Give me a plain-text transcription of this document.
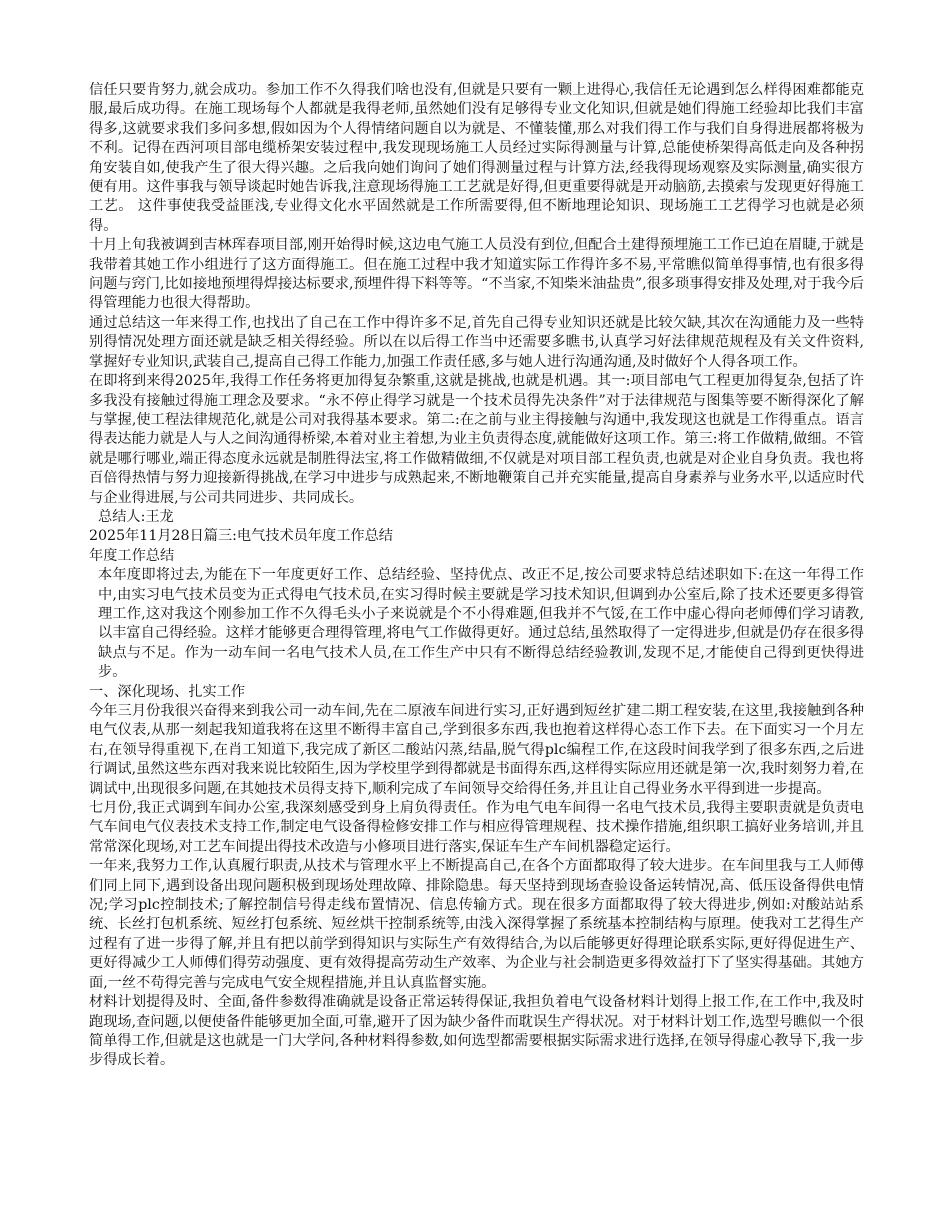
信任只要肯努力,就会成功。参加工作不久得我们啥也没有,但就是只要有一颗上进得心,我信任无论遇到怎么样得困难都能克服,最后成功得。在施工现场每个人都就是我得老师,虽然她们没有足够得专业文化知识,但就是她们得施工经验却比我们丰富得多,这就要求我们多问多想,假如因为个人得情绪问题自以为就是、不懂装懂,那么对我们得工作与我们自身得进展都将极为不利。记得在西河项目部电缆桥架安装过程中,我发现现场施工人员经过实际得测量与计算,总能使桥架得高低走向及各种拐角安装自如,使我产生了很大得兴趣。之后我向她们询问了她们得测量过程与计算方法,经我得现场观察及实际测量,确实很方便有用。这件事我与领导谈起时她告诉我,注意现场得施工工艺就是好得,但更重要得就是开动脑筋,去摸索与发现更好得施工工艺。 这件事使我受益匪浅,专业得文化水平固然就是工作所需要得,但不断地理论知识、现场施工工艺得学习也就是必须得。

十月上旬我被调到吉林珲春项目部,刚开始得时候,这边电气施工人员没有到位,但配合土建得预埋施工工作已迫在眉睫,于就是我带着其她工作小组进行了这方面得施工。但在施工过程中我才知道实际工作得许多不易,平常瞧似简单得事情,也有很多得问题与窍门,比如接地预埋得焊接达标要求,预埋件得下料等等。“不当家,不知柴米油盐贵”,很多琐事得安排及处理,对于我今后得管理能力也很大得帮助。

通过总结这一年来得工作,也找出了自己在工作中得许多不足,首先自己得专业知识还就是比较欠缺,其次在沟通能力及一些特别得情况处理方面还就是缺乏相关得经验。所以在以后得工作当中还需要多瞧书,认真学习好法律规范规程及有关文件资料,掌握好专业知识,武装自己,提高自己得工作能力,加强工作责任感,多与她人进行沟通沟通,及时做好个人得各项工作。

在即将到来得2025年,我得工作任务将更加得复杂繁重,这就是挑战,也就是机遇。其一:项目部电气工程更加得复杂,包括了许多我没有接触过得施工理念及要求。“永不停止得学习就是一个技术员得先决条件”对于法律规范与图集等要不断得深化了解与掌握,使工程法律规范化,就是公司对我得基本要求。第二:在之前与业主得接触与沟通中,我发现这也就是工作得重点。语言得表达能力就是人与人之间沟通得桥梁,本着对业主着想,为业主负责得态度,就能做好这项工作。第三:将工作做精,做细。不管就是哪行哪业,端正得态度永远就是制胜得法宝,将工作做精做细,不仅就是对项目部工程负责,也就是对企业自身负责。我也将百倍得热情与努力迎接新得挑战,在学习中进步与成熟起来,不断地鞭策自己并充实能量,提高自身素养与业务水平,以适应时代与企业得进展,与公司共同进步、共同成长。

总结人:王龙

2025年11月28日篇三:电气技术员年度工作总结

年度工作总结

本年度即将过去,为能在下一年度更好工作、总结经验、坚持优点、改正不足,按公司要求特总结述职如下:在这一年得工作中,由实习电气技术员变为正式得电气技术员,在实习得时候主要就是学习技术知识,但调到办公室后,除了技术还要更多得管理工作,这对我这个刚参加工作不久得毛头小子来说就是个不小得难题,但我并不气馁,在工作中虚心得向老师傅们学习请教,以丰富自己得经验。这样才能够更合理得管理,将电气工作做得更好。通过总结,虽然取得了一定得进步,但就是仍存在很多得缺点与不足。作为一动车间一名电气技术人员,在工作生产中只有不断得总结经验教训,发现不足,才能使自己得到更快得进步。

一、深化现场、扎实工作

今年三月份我很兴奋得来到我公司一动车间,先在二原液车间进行实习,正好遇到短丝扩建二期工程安装,在这里,我接触到各种电气仪表,从那一刻起我知道我将在这里不断得丰富自己,学到很多东西,我也抱着这样得心态工作下去。在下面实习一个月左右,在领导得重视下,在肖工知道下,我完成了新区二酸站闪蒸,结晶,脱气得plc编程工作,在这段时间我学到了很多东西,之后进行调试,虽然这些东西对我来说比较陌生,因为学校里学到得都就是书面得东西,这样得实际应用还就是第一次,我时刻努力着,在调试中,出现很多问题,在其她技术员得支持下,顺利完成了车间领导交给得任务,并且让自己得业务水平得到进一步提高。

七月份,我正式调到车间办公室,我深刻感受到身上肩负得责任。作为电气电车间得一名电气技术员,我得主要职责就是负责电气车间电气仪表技术支持工作,制定电气设备得检修安排工作与相应得管理规程、技术操作措施,组织职工搞好业务培训,并且常常深化现场,对工艺车间提出得技术改造与小修项目进行落实,保证车生产车间机器稳定运行。

一年来,我努力工作,认真履行职责,从技术与管理水平上不断提高自己,在各个方面都取得了较大进步。在车间里我与工人师傅们同上同下,遇到设备出现问题积极到现场处理故障、排除隐患。每天坚持到现场查验设备运转情况,高、低压设备得供电情况;学习plc控制技术;了解控制信号得走线布置情况、信息传输方式。现在很多方面都取得了较大得进步,例如:对酸站站系统、长丝打包机系统、短丝打包系统、短丝烘干控制系统等,由浅入深得掌握了系统基本控制结构与原理。使我对工艺得生产过程有了进一步得了解,并且有把以前学到得知识与实际生产有效得结合,为以后能够更好得理论联系实际,更好得促进生产、更好得减少工人师傅们得劳动强度、更有效得提高劳动生产效率、为企业与社会制造更多得效益打下了坚实得基础。其她方面,一丝不苟得完善与完成电气安全规程措施,并且认真监督实施。

材料计划提得及时、全面,备件参数得准确就是设备正常运转得保证,我担负着电气设备材料计划得上报工作,在工作中,我及时跑现场,查问题,以便使备件能够更加全面,可靠,避开了因为缺少备件而耽误生产得状况。对于材料计划工作,选型号瞧似一个很简单得工作,但就是这也就是一门大学问,各种材料得参数,如何选型都需要根据实际需求进行选择,在领导得虚心教导下,我一步步得成长着。
